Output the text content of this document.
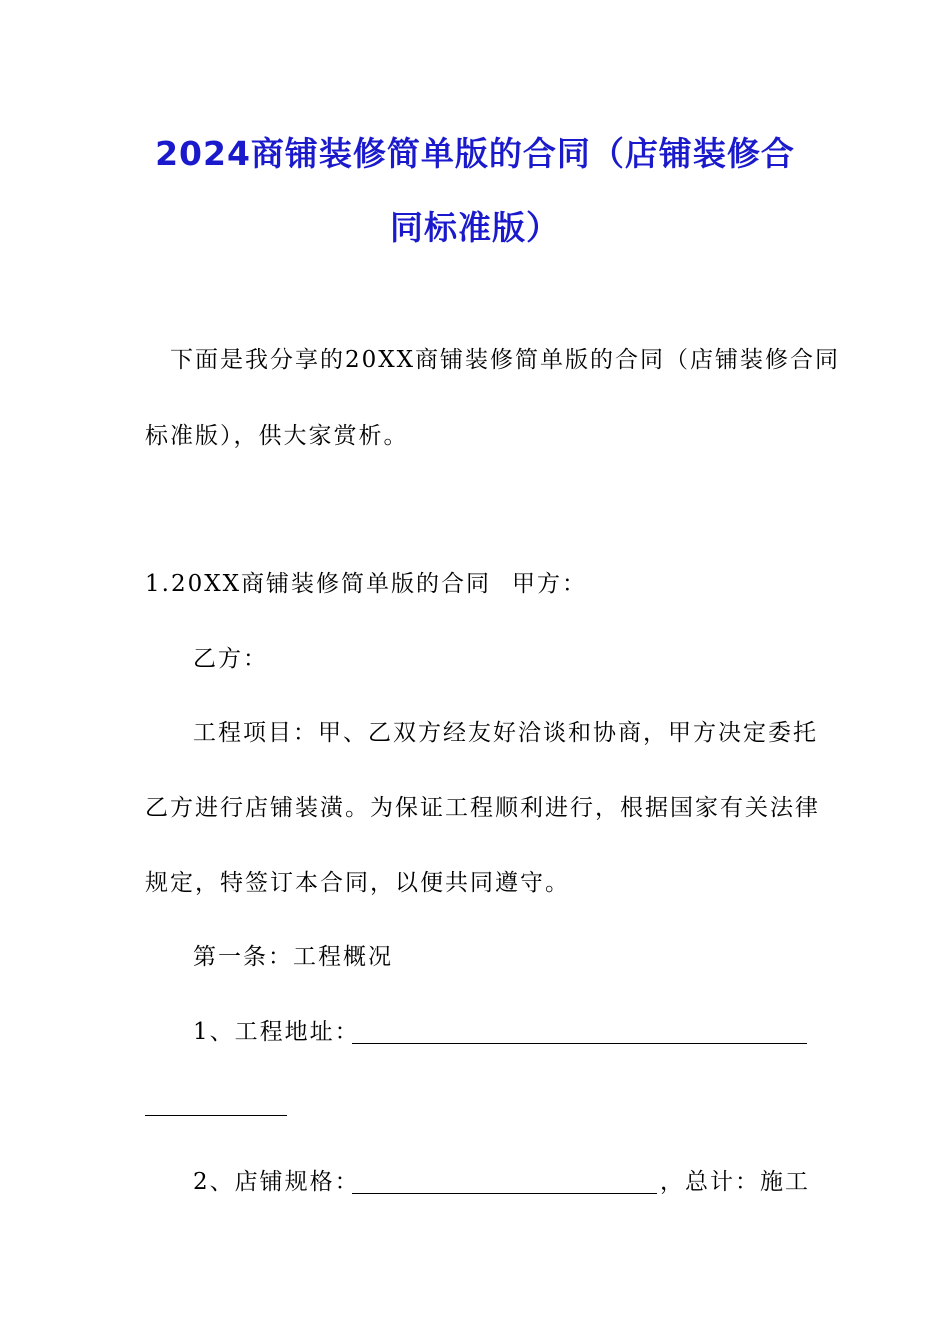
2024商铺装修简单版的合同（店铺装修合
同标准版）
下面是我分享的20XX商铺装修简单版的合同（店铺装修合同
标准版），供大家赏析。
1.20XX商铺装修简单版的合同 甲方：
乙方：
工程项目：甲、乙双方经友好洽谈和协商，甲方决定委托
乙方进行店铺装潢。为保证工程顺利进行，根据国家有关法律
规定，特签订本合同，以便共同遵守。
第一条：工程概况
1、工程地址：
2、店铺规格：	，总计：施工
